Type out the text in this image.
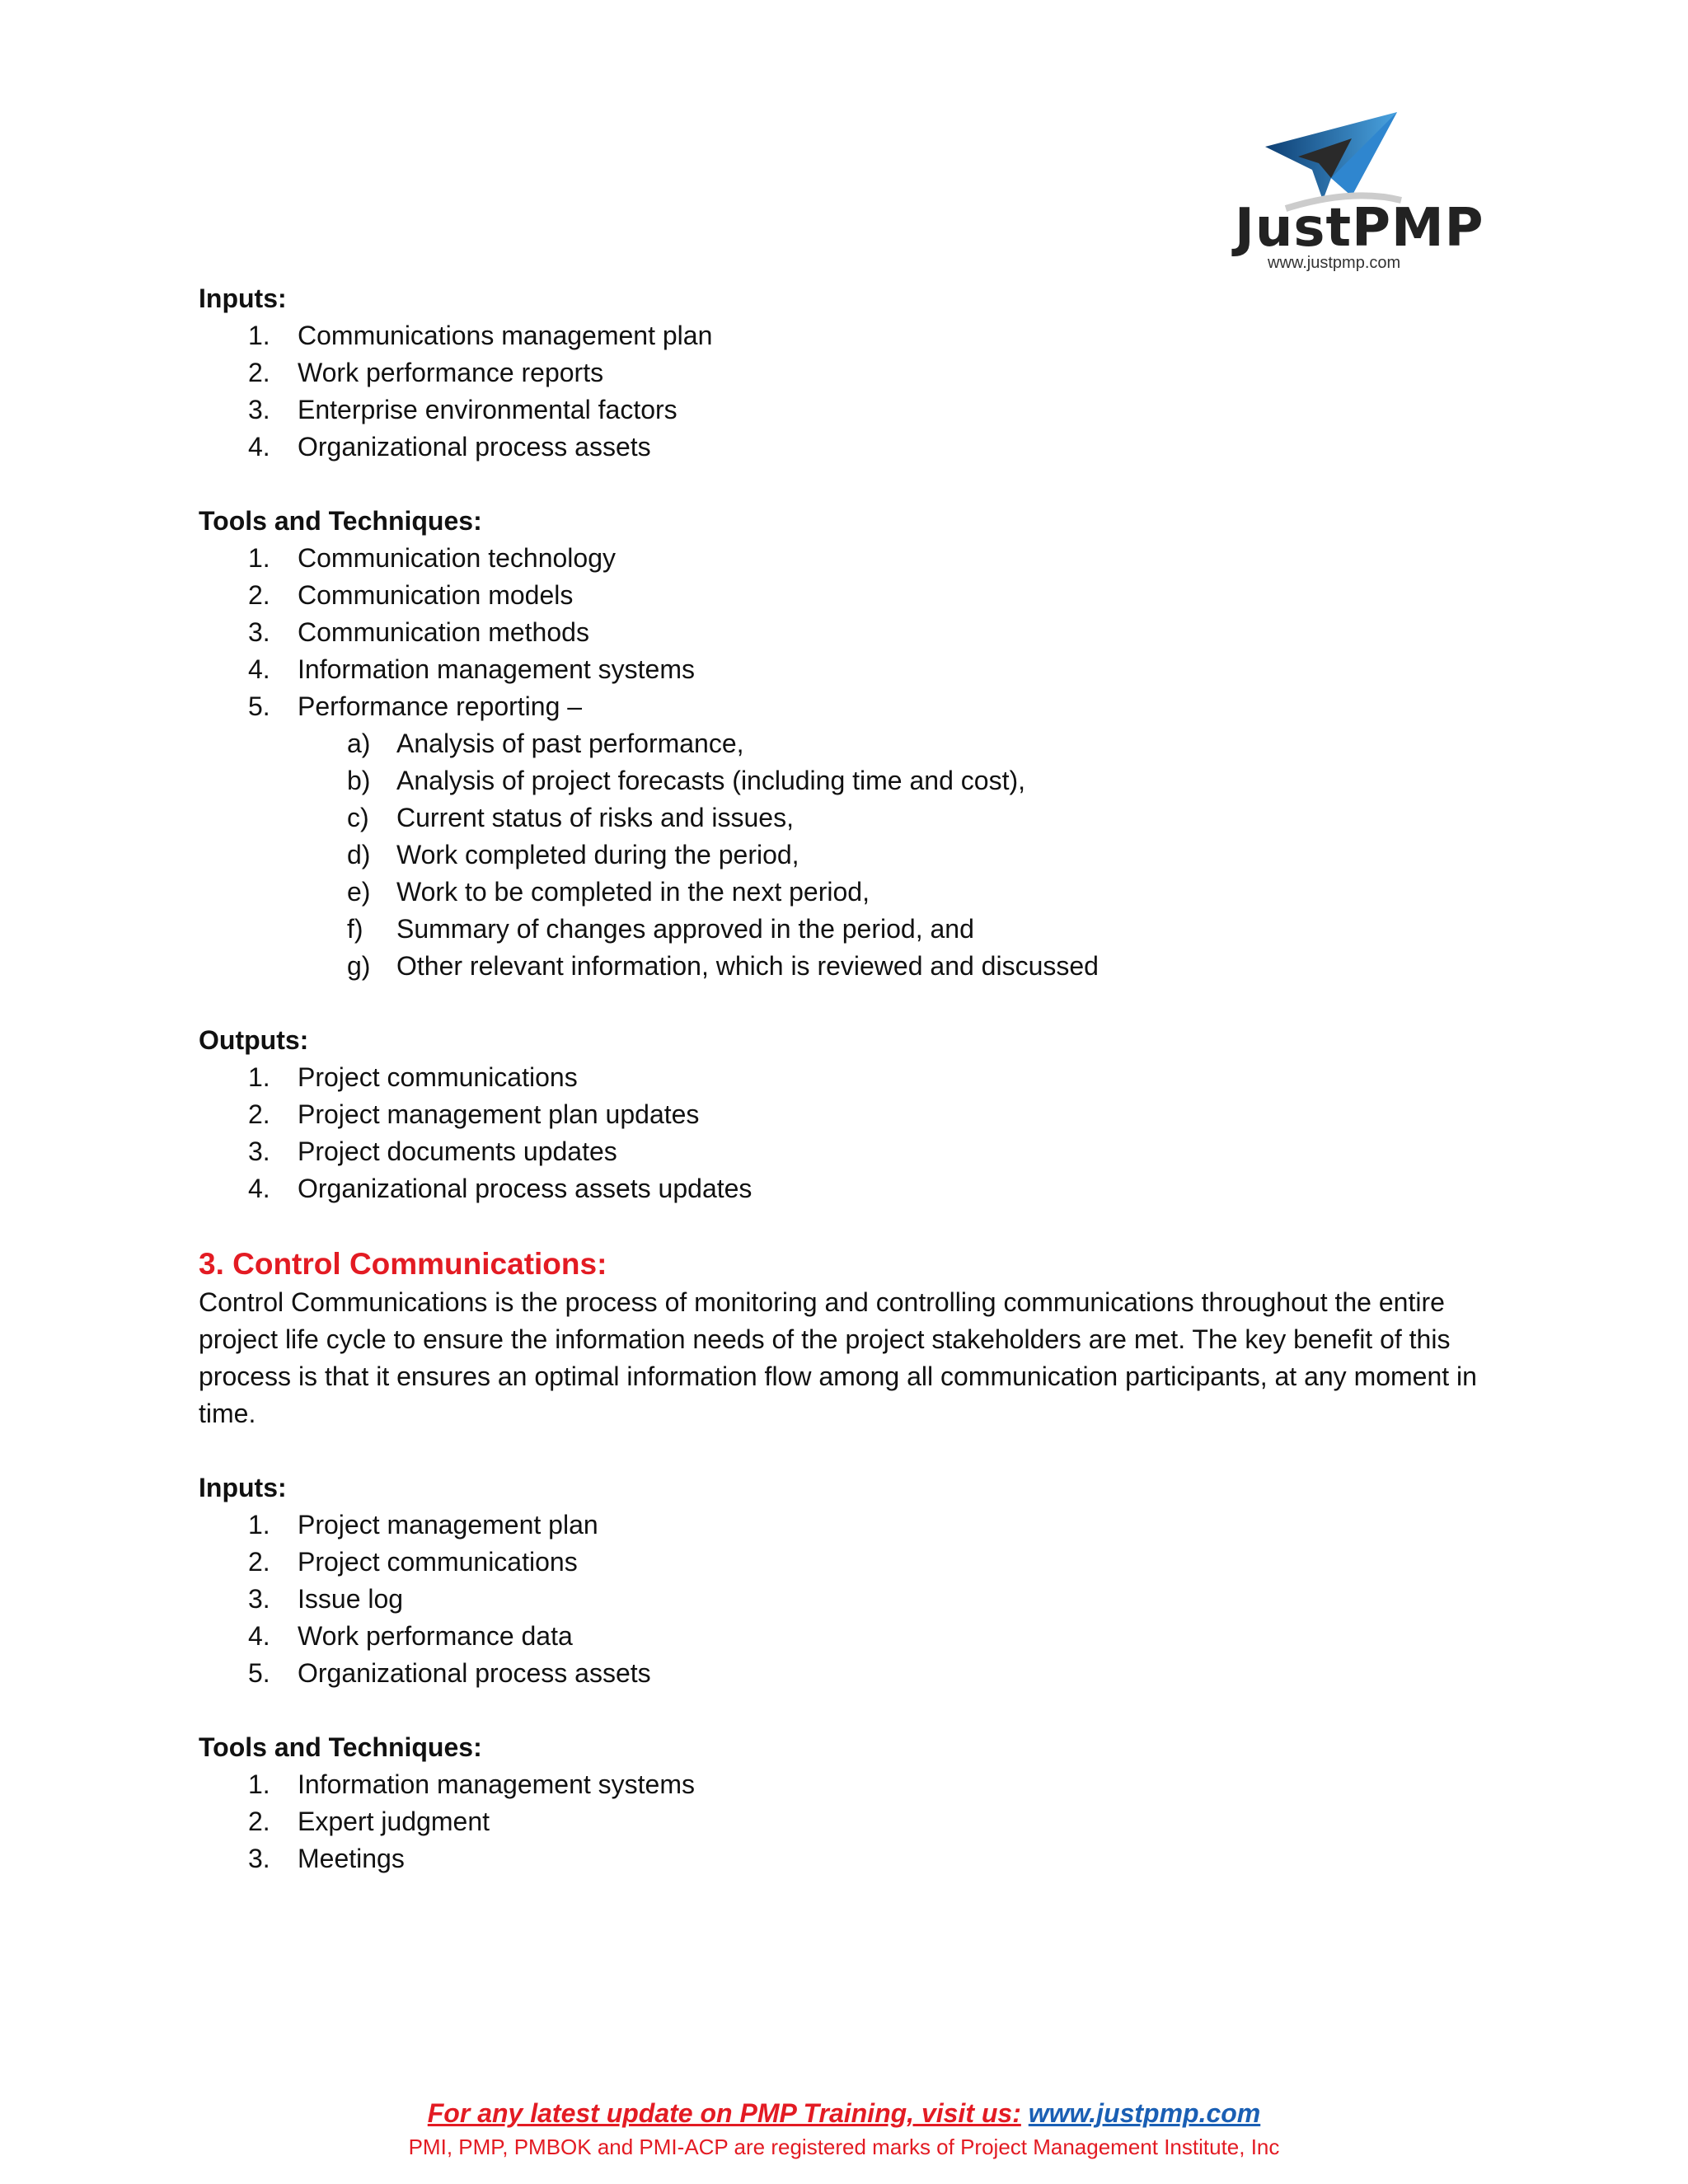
JustPMP
www.justpmp.com
Inputs:
1.	Communications management plan
2.	Work performance reports
3.	Enterprise environmental factors
4.	Organizational process assets
Tools and Techniques:
1.	Communication technology
2.	Communication models
3.	Communication methods
4.	Information management systems
5.	Performance reporting –
a) Analysis of past performance,
b) Analysis of project forecasts (including time and cost),
c)	Current status of risks and issues,
d) Work completed during the period,
e) Work to be completed in the next period,
f)	Summary of changes approved in the period, and
g) Other relevant information, which is reviewed and discussed
Outputs:
1.	Project communications
2.	Project management plan updates
3.	Project documents updates
4.	Organizational process assets updates
3. Control Communications:
Control Communications is the process of monitoring and controlling communications throughout the entire project life cycle to ensure the information needs of the project stakeholders are met. The key benefit of this process is that it ensures an optimal information flow among all communication participants, at any moment in time.
Inputs:
1.	Project management plan
2.	Project communications
3.	Issue log
4.	Work performance data
5.	Organizational process assets
Tools and Techniques:
1.	Information management systems
2.	Expert judgment
3.	Meetings
For any latest update on PMP Training, visit us: www.justpmp.com
PMI, PMP, PMBOK and PMI-ACP are registered marks of Project Management Institute, Inc
